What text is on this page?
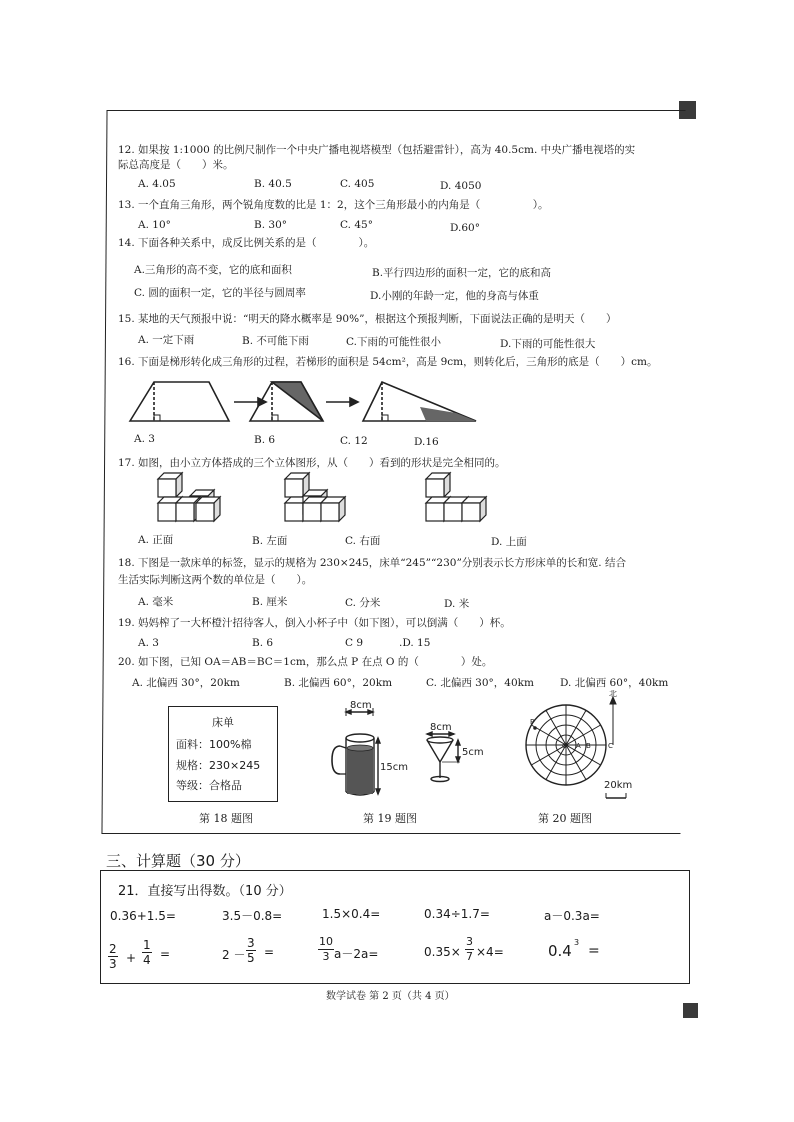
12. 如果按 1:1000 的比例尺制作一个中央广播电视塔模型（包括避雷针），高为 40.5cm. 中央广播电视塔的实
际总高度是（　　）米。
A. 4.05	B. 40.5	C. 405	D. 4050
13. 一个直角三角形，两个锐角度数的比是 1：2，这个三角形最小的内角是（　　　　　）。
A. 10°	B. 30°	C. 45°	D.60°
14. 下面各种关系中，成反比例关系的是（　　　　）。
A.三角形的高不变，它的底和面积	B.平行四边形的面积一定，它的底和高
C. 圆的面积一定，它的半径与圆周率	D.小刚的年龄一定，他的身高与体重
15. 某地的天气预报中说：“明天的降水概率是 90%”，根据这个预报判断，下面说法正确的是明天（　　）
A. 一定下雨	B. 不可能下雨	C.下雨的可能性很小	D.下雨的可能性很大
16. 下面是梯形转化成三角形的过程，若梯形的面积是 54cm²，高是 9cm，则转化后，三角形的底是（　　）cm。
A. 3	B. 6	C. 12	D.16
17. 如图，由小立方体搭成的三个立体图形，从（　　）看到的形状是完全相同的。
A. 正面	B. 左面	C. 右面	D. 上面
18. 下图是一款床单的标签，显示的规格为 230×245，床单“245”“230”分别表示长方形床单的长和宽. 结合
生活实际判断这两个数的单位是（　　）。
A. 毫米	B. 厘米	C. 分米	D. 米
19. 妈妈榨了一大杯橙汁招待客人，倒入小杯子中（如下图），可以倒满（　　）杯。
A. 3	B. 6	C 9	.D. 15
20. 如下图，已知 OA＝AB＝BC＝1cm，那么点 P 在点 O 的（　　　　）处。
A. 北偏西 30°，20km	B. 北偏西 60°，20km	C. 北偏西 30°，40km D. 北偏西 60°，40km
床单
面料：100%棉
规格：230×245
等级：合格品
第 18 题图
8cm
15cm
8cm
5cm
第 19 题图
北
P
O A B C
20km
第 20 题图
三、计算题（30 分）
21．直接写出得数。（10 分）
0.36+1.5=	3.5－0.8=	1.5×0.4=	0.34÷1.7=	a－0.3a=
$\frac{2}{3} + \frac{1}{4}$ =	$2 - \frac{3}{5}$ =	$\frac{10}{3} a-2a=$	$0.35\times \frac{3}{7} \times 4=$	0.4 3
=
数学试卷 第 2 页（共 4 页）
